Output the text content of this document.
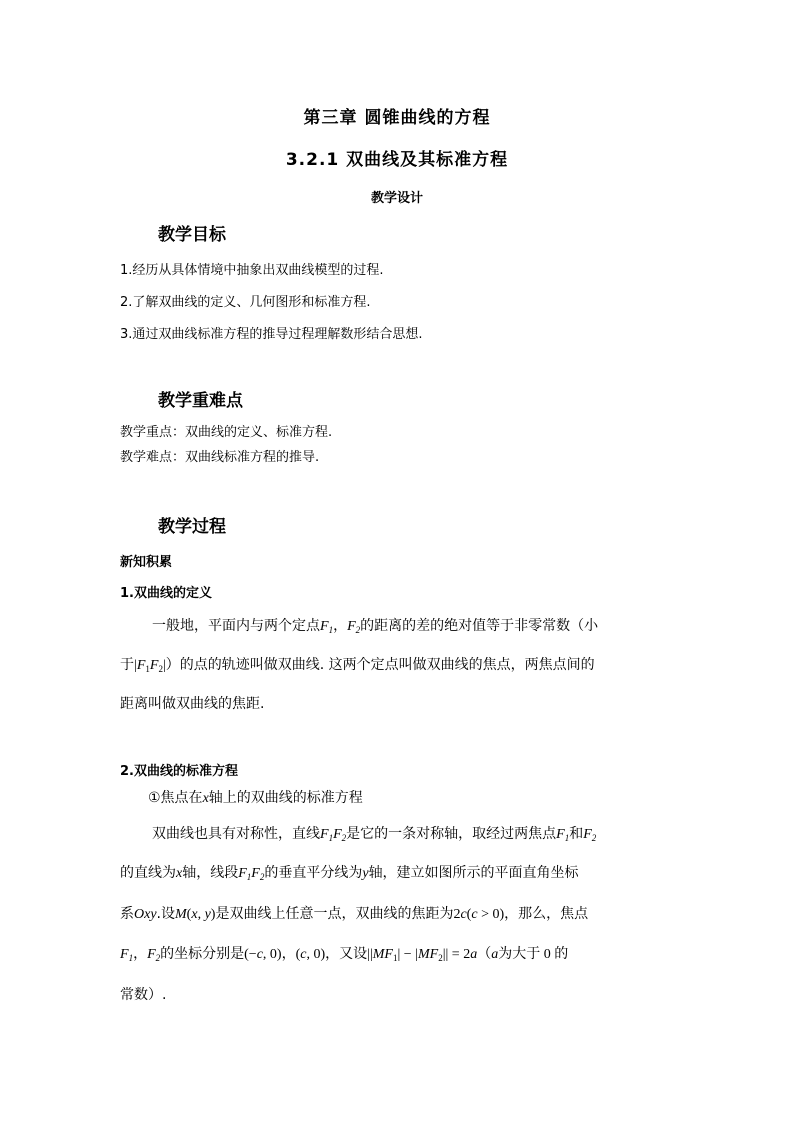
第三章 圆锥曲线的方程
3.2.1 双曲线及其标准方程
教学设计
教学目标
1.经历从具体情境中抽象出双曲线模型的过程.
2.了解双曲线的定义、几何图形和标准方程.
3.通过双曲线标准方程的推导过程理解数形结合思想.
教学重难点
教学重点：双曲线的定义、标准方程.
教学难点：双曲线标准方程的推导.
教学过程
新知积累
1.双曲线的定义
一般地，平面内与两个定点$F_1$，$F_2$的距离的差的绝对值等于非零常数（小
于$|F_1F_2|$）的点的轨迹叫做双曲线. 这两个定点叫做双曲线的焦点，两焦点间的
距离叫做双曲线的焦距.
2.双曲线的标准方程
①焦点在x轴上的双曲线的标准方程
双曲线也具有对称性，直线$F_1F_2$是它的一条对称轴，取经过两焦点$F_1$和$F_2$
的直线为x轴，线段$F_1F_2$的垂直平分线为y轴，建立如图所示的平面直角坐标
系Oxy.设M(x, y)是双曲线上任意一点，双曲线的焦距为2c(c > 0)，那么，焦点
$F_1$，$F_2$的坐标分别是(−c, 0)，(c, 0)，又设$||MF_1| - |MF_2|| = 2a(a$为大于 0 的
常数）.
